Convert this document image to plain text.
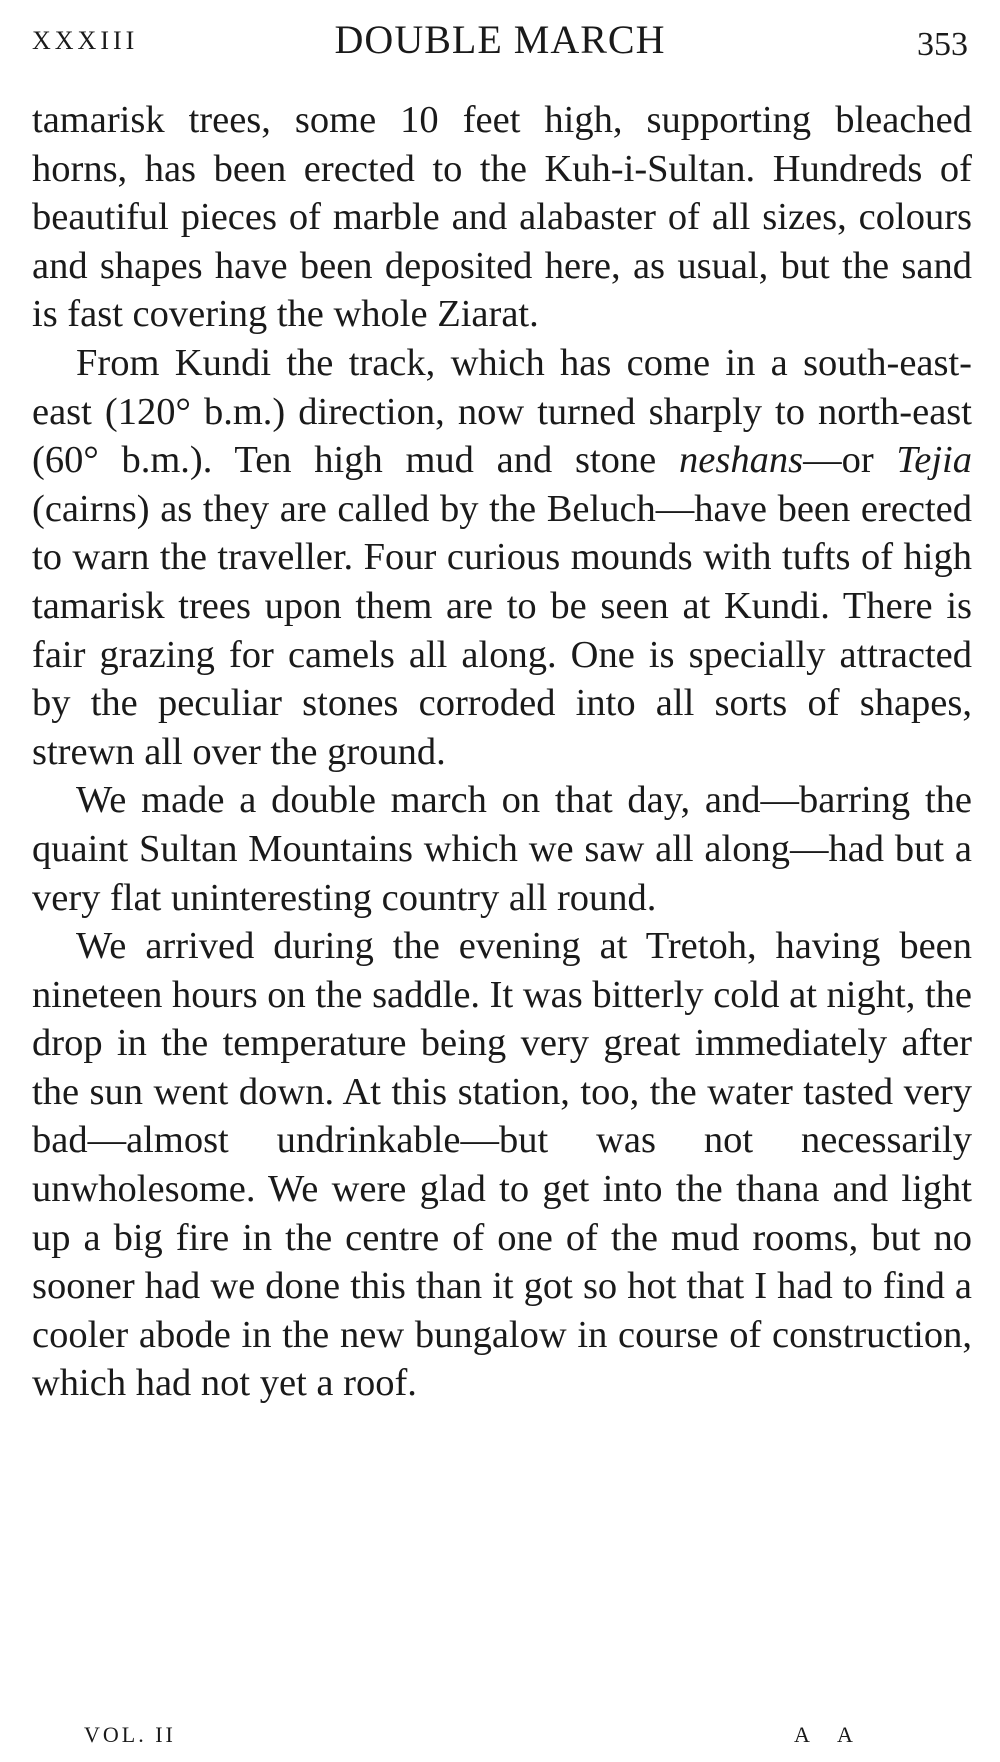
XXXIII	DOUBLE MARCH	353

tamarisk trees, some 10 feet high, supporting bleached horns, has been erected to the Kuh-i-Sultan. Hundreds of beautiful pieces of marble and alabaster of all sizes, colours and shapes have been deposited here, as usual, but the sand is fast covering the whole Ziarat.

From Kundi the track, which has come in a south-east-east (120° b.m.) direction, now turned sharply to north-east (60° b.m.). Ten high mud and stone neshans—or Tejia (cairns) as they are called by the Beluch—have been erected to warn the traveller. Four curious mounds with tufts of high tamarisk trees upon them are to be seen at Kundi. There is fair grazing for camels all along. One is specially attracted by the peculiar stones corroded into all sorts of shapes, strewn all over the ground.

We made a double march on that day, and—barring the quaint Sultan Mountains which we saw all along—had but a very flat uninteresting country all round.

We arrived during the evening at Tretoh, having been nineteen hours on the saddle. It was bitterly cold at night, the drop in the temperature being very great immediately after the sun went down. At this station, too, the water tasted very bad—almost undrinkable—but was not necessarily unwholesome. We were glad to get into the thana and light up a big fire in the centre of one of the mud rooms, but no sooner had we done this than it got so hot that I had to find a cooler abode in the new bungalow in course of construction, which had not yet a roof.

VOL. II	A A
